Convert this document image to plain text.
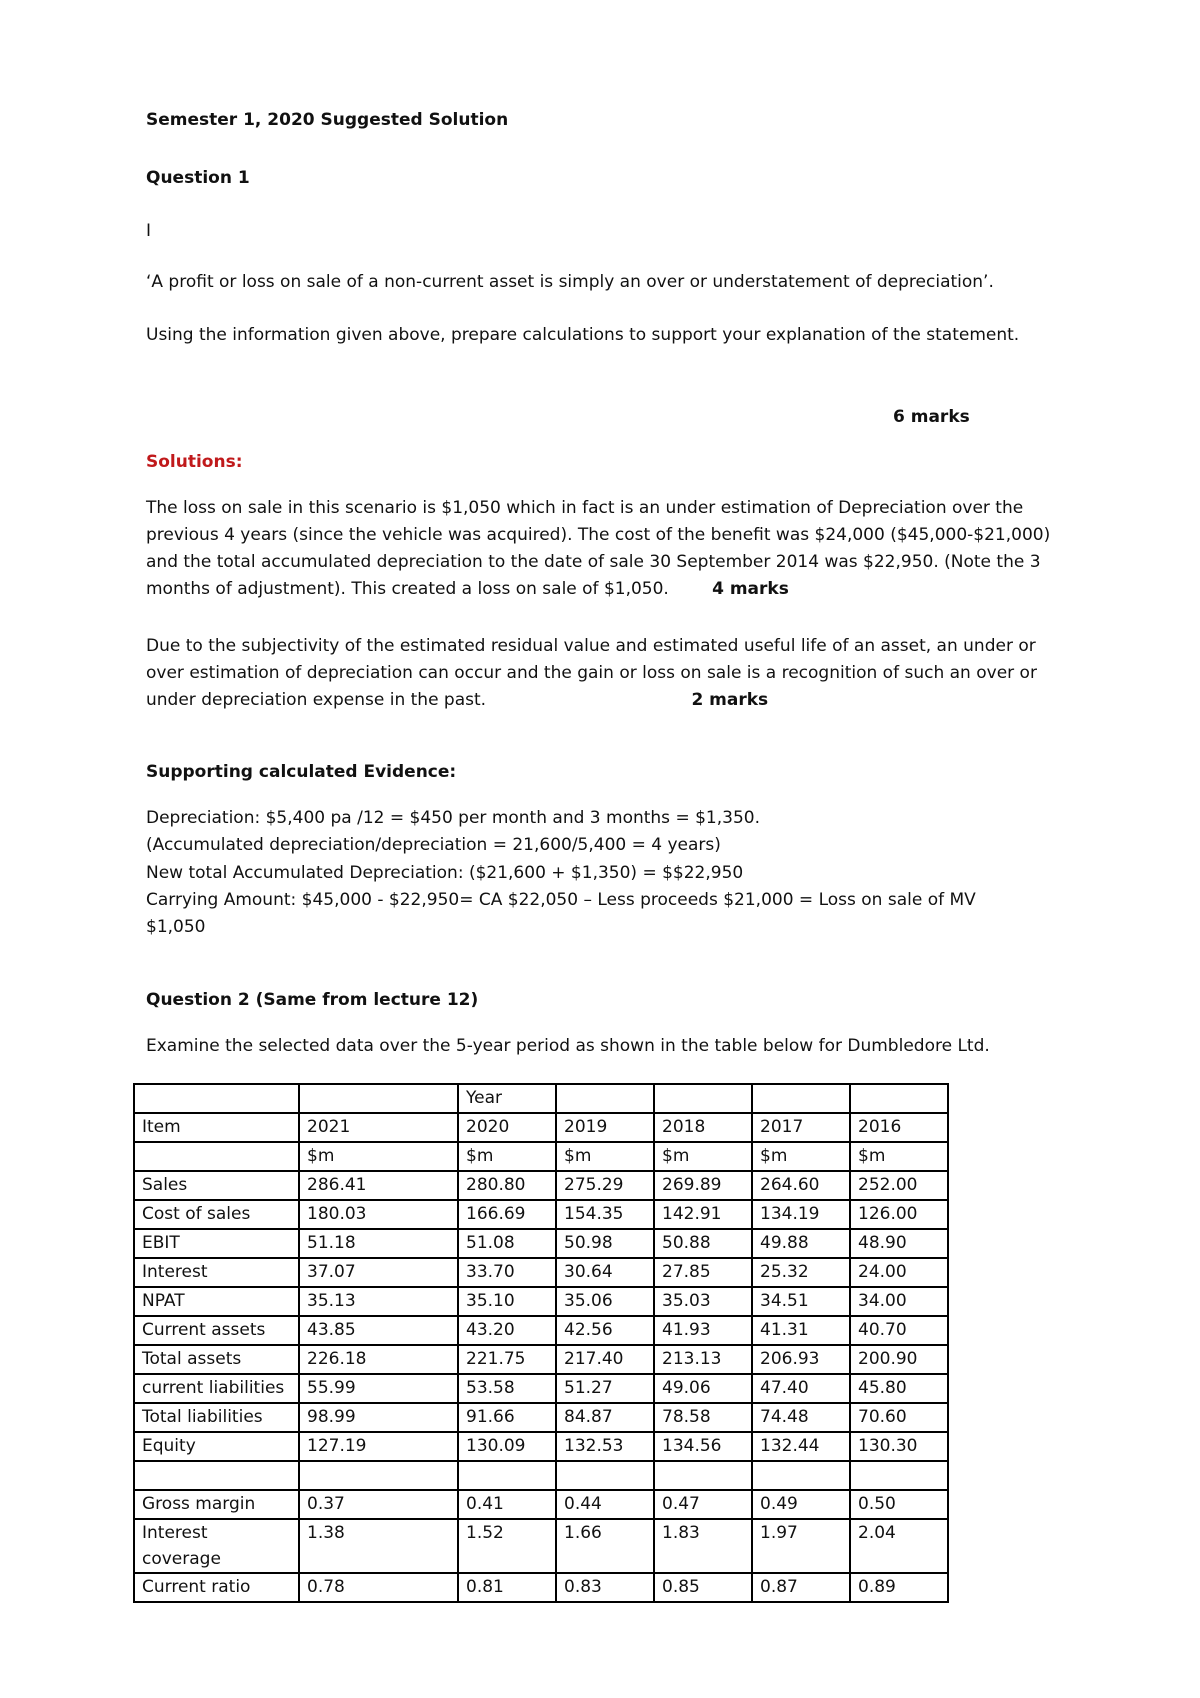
Semester 1, 2020 Suggested Solution
Question 1
I
‘A profit or loss on sale of a non-current asset is simply an over or understatement of depreciation’.
Using the information given above, prepare calculations to support your explanation of the statement.
6 marks
Solutions:
The loss on sale in this scenario is $1,050 which in fact is an under estimation of Depreciation over the previous 4 years (since the vehicle was acquired). The cost of the benefit was $24,000 ($45,000-$21,000) and the total accumulated depreciation to the date of sale 30 September 2014 was $22,950. (Note the 3 months of adjustment). This created a loss on sale of $1,050.	4 marks
Due to the subjectivity of the estimated residual value and estimated useful life of an asset, an under or over estimation of depreciation can occur and the gain or loss on sale is a recognition of such an over or under depreciation expense in the past.	2 marks
Supporting calculated Evidence:
Depreciation: $5,400 pa /12 = $450 per month and 3 months = $1,350.
(Accumulated depreciation/depreciation = 21,600/5,400 = 4 years)
New total Accumulated Depreciation: ($21,600 + $1,350) = $$22,950
Carrying Amount: $45,000 - $22,950= CA $22,050 – Less proceeds $21,000 = Loss on sale of MV
$1,050
Question 2 (Same from lecture 12)
Examine the selected data over the 5-year period as shown in the table below for Dumbledore Ltd.
		Year				
Item	2021	2020	2019	2018	2017	2016
	$m	$m	$m	$m	$m	$m
Sales	286.41	280.80	275.29	269.89	264.60	252.00
Cost of sales	180.03	166.69	154.35	142.91	134.19	126.00
EBIT	51.18	51.08	50.98	50.88	49.88	48.90
Interest	37.07	33.70	30.64	27.85	25.32	24.00
NPAT	35.13	35.10	35.06	35.03	34.51	34.00
Current assets	43.85	43.20	42.56	41.93	41.31	40.70
Total assets	226.18	221.75	217.40	213.13	206.93	200.90
current liabilities	55.99	53.58	51.27	49.06	47.40	45.80
Total liabilities	98.99	91.66	84.87	78.58	74.48	70.60
Equity	127.19	130.09	132.53	134.56	132.44	130.30

Gross margin	0.37	0.41	0.44	0.47	0.49	0.50
Interest coverage	1.38	1.52	1.66	1.83	1.97	2.04
Current ratio	0.78	0.81	0.83	0.85	0.87	0.89
